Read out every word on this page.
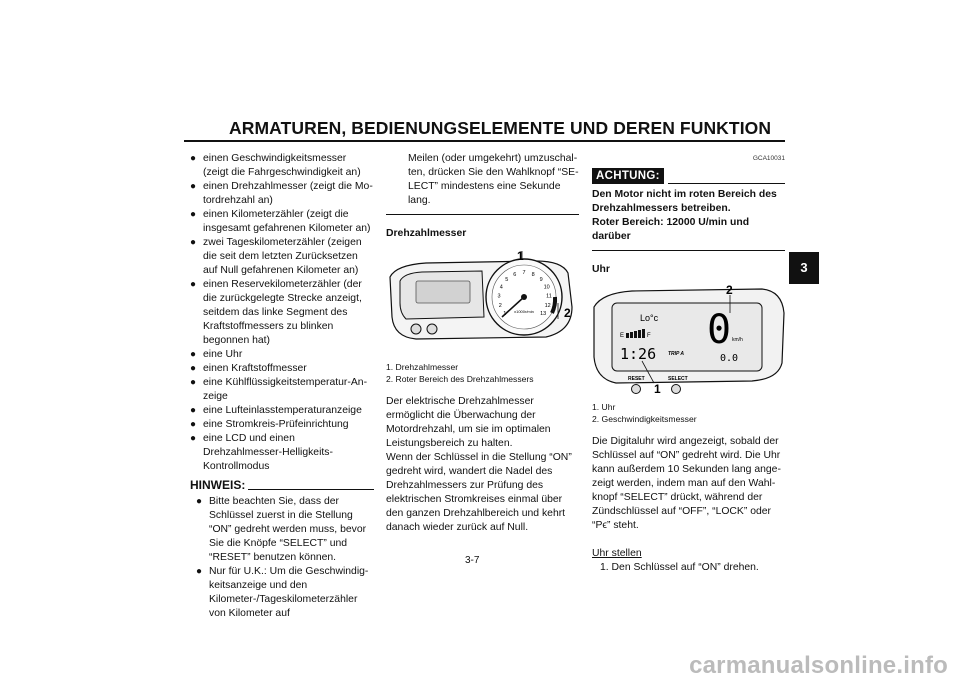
ARMATUREN, BEDIENUNGSELEMENTE UND DEREN FUNKTION
3
● einen Geschwindigkeitsmesser (zeigt die Fahrgeschwindigkeit an)
● einen Drehzahlmesser (zeigt die Motordrehzahl an)
● einen Kilometerzähler (zeigt die insgesamt gefahrenen Kilometer an)
● zwei Tageskilometerzähler (zeigen die seit dem letzten Zurücksetzen auf Null gefahrenen Kilometer an)
● einen Reservekilometerzähler (der die zurückgelegte Strecke anzeigt, seitdem das linke Segment des Kraftstoffmessers zu blinken begonnen hat)
● eine Uhr
● einen Kraftstoffmesser
● eine Kühlflüssigkeitstemperatur-Anzeige
● eine Lufteinlasstemperaturanzeige
● eine Stromkreis-Prüfeinrichtung
● eine LCD und einen Drehzahlmesser-Helligkeits-Kontrollmodus
HINWEIS:
● Bitte beachten Sie, dass der Schlüssel zuerst in die Stellung “ON” gedreht werden muss, bevor Sie die Knöpfe “SELECT” und “RESET” benutzen können.
● Nur für U.K.: Um die Geschwindigkeitsanzeige und den Kilometer-/Tageskilometerzähler von Kilometer auf

Meilen (oder umgekehrt) umzuschalten, drücken Sie den Wahlknopf “SELECT” mindestens eine Sekunde lang.

Drehzahlmesser
2
3
4
5
6 7 8
9
10
11
12
13
x1000r/min
1
2
1. Drehzahlmesser
2. Roter Bereich des Drehzahlmessers

Der elektrische Drehzahlmesser ermöglicht die Überwachung der Motordrehzahl, um sie im optimalen Leistungsbereich zu halten.

Wenn der Schlüssel in die Stellung “ON” gedreht wird, wandert die Nadel des Drehzahlmessers zur Prüfung des elektrischen Stromkreises einmal über den ganzen Drehzahlbereich und kehrt danach wieder zurück auf Null.

GCA10031
ACHTUNG:
Den Motor nicht im roten Bereich des Drehzahlmessers betreiben.
Roter Bereich: 12000 U/min und darüber
Uhr
Lo°c
E	F
1:26 TRIP A
0 km/h
0.0
RESET	SELECT
2
1
1. Uhr
2. Geschwindigkeitsmesser

Die Digitaluhr wird angezeigt, sobald der Schlüssel auf “ON” gedreht wird. Die Uhr kann außerdem 10 Sekunden lang angezeigt werden, indem man auf den Wahlknopf “SELECT” drückt, während der Zündschlüssel auf “OFF”, “LOCK” oder “Pϵ” steht.

Uhr stellen
1. Den Schlüssel auf “ON” drehen.
3-7
carmanualsonline.info
